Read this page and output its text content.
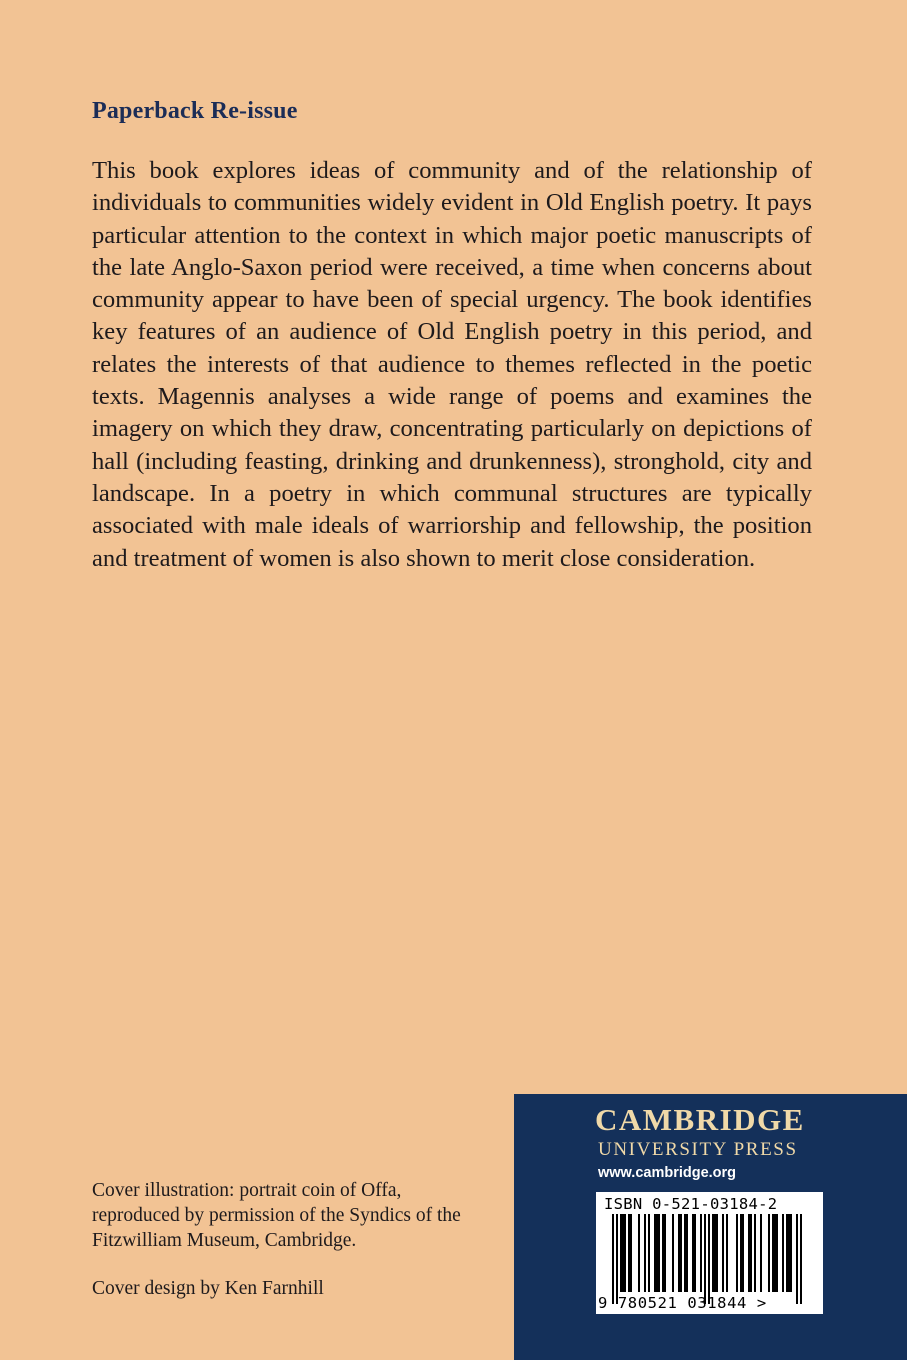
Paperback Re-issue

This book explores ideas of community and of the relationship of individuals to communities widely evident in Old English poetry. It pays particular attention to the context in which major poetic manuscripts of the late Anglo-Saxon period were received, a time when concerns about community appear to have been of special urgency. The book identifies key features of an audience of Old English poetry in this period, and relates the interests of that audience to themes reflected in the poetic texts. Magennis analyses a wide range of poems and examines the imagery on which they draw, concentrating particularly on depictions of hall (including feasting, drinking and drunkenness), stronghold, city and landscape. In a poetry in which communal structures are typically associated with male ideals of warriorship and fellowship, the position and treatment of women is also shown to merit close consideration.

Cover illustration: portrait coin of Offa, reproduced by permission of the Syndics of the Fitzwilliam Museum, Cambridge.

Cover design by Ken Farnhill
CAMBRIDGE
UNIVERSITY PRESS
www.cambridge.org
ISBN 0-521-03184-2
9 780521 031844 >
